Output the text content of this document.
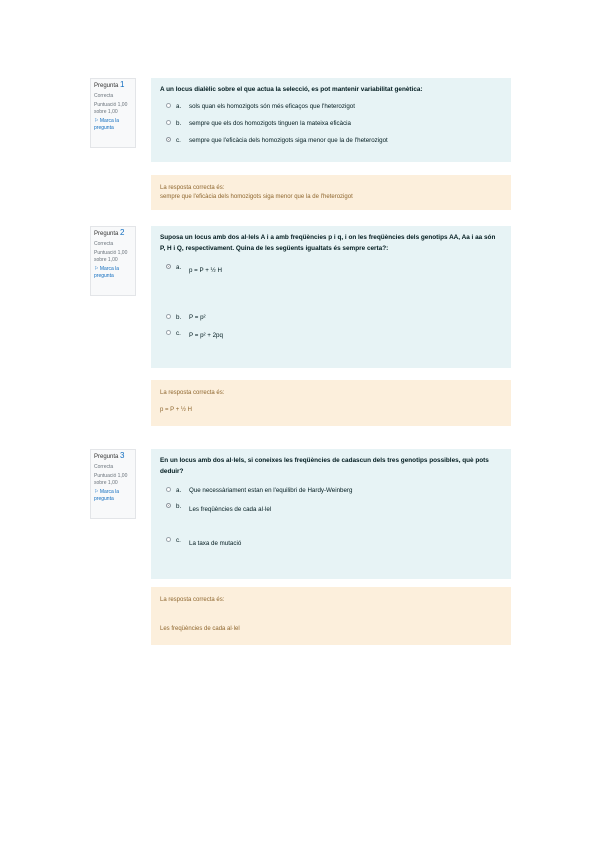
Pregunta 1
Correcta
Puntuació 1,00 sobre 1,00
⚐ Marca la pregunta
A un locus dialèlic sobre el que actua la selecció, es pot mantenir variabilitat genètica:
a.	sols quan els homozigots són més eficaços que l'heterozigot
b.	sempre que els dos homozigots tinguen la mateixa eficàcia
c.	sempre que l'eficàcia dels homozigots siga menor que la de l'heterozigot
La resposta correcta és:
sempre que l'eficàcia dels homozigots siga menor que la de l'heterozigot
Pregunta 2
Correcta
Puntuació 1,00 sobre 1,00
⚐ Marca la pregunta
Suposa un locus amb dos al·lels A i a amb freqüències p i q, i on les freqüències dels genotips AA, Aa i aa són P, H i Q, respectivament. Quina de les següents igualtats és sempre certa?:
a.	p = P + ½ H
b.	P = p²
c.	P = p² + 2pq
La resposta correcta és:
p = P + ½ H
Pregunta 3
Correcta
Puntuació 1,00 sobre 1,00
⚐ Marca la pregunta
En un locus amb dos al·lels, si coneixes les freqüències de cadascun dels tres genotips possibles, què pots deduir?
a.	Que necessàriament estan en l'equilibri de Hardy-Weinberg
b.	Les freqüències de cada al·lel
c.	La taxa de mutació
La resposta correcta és:
Les freqüències de cada al·lel
